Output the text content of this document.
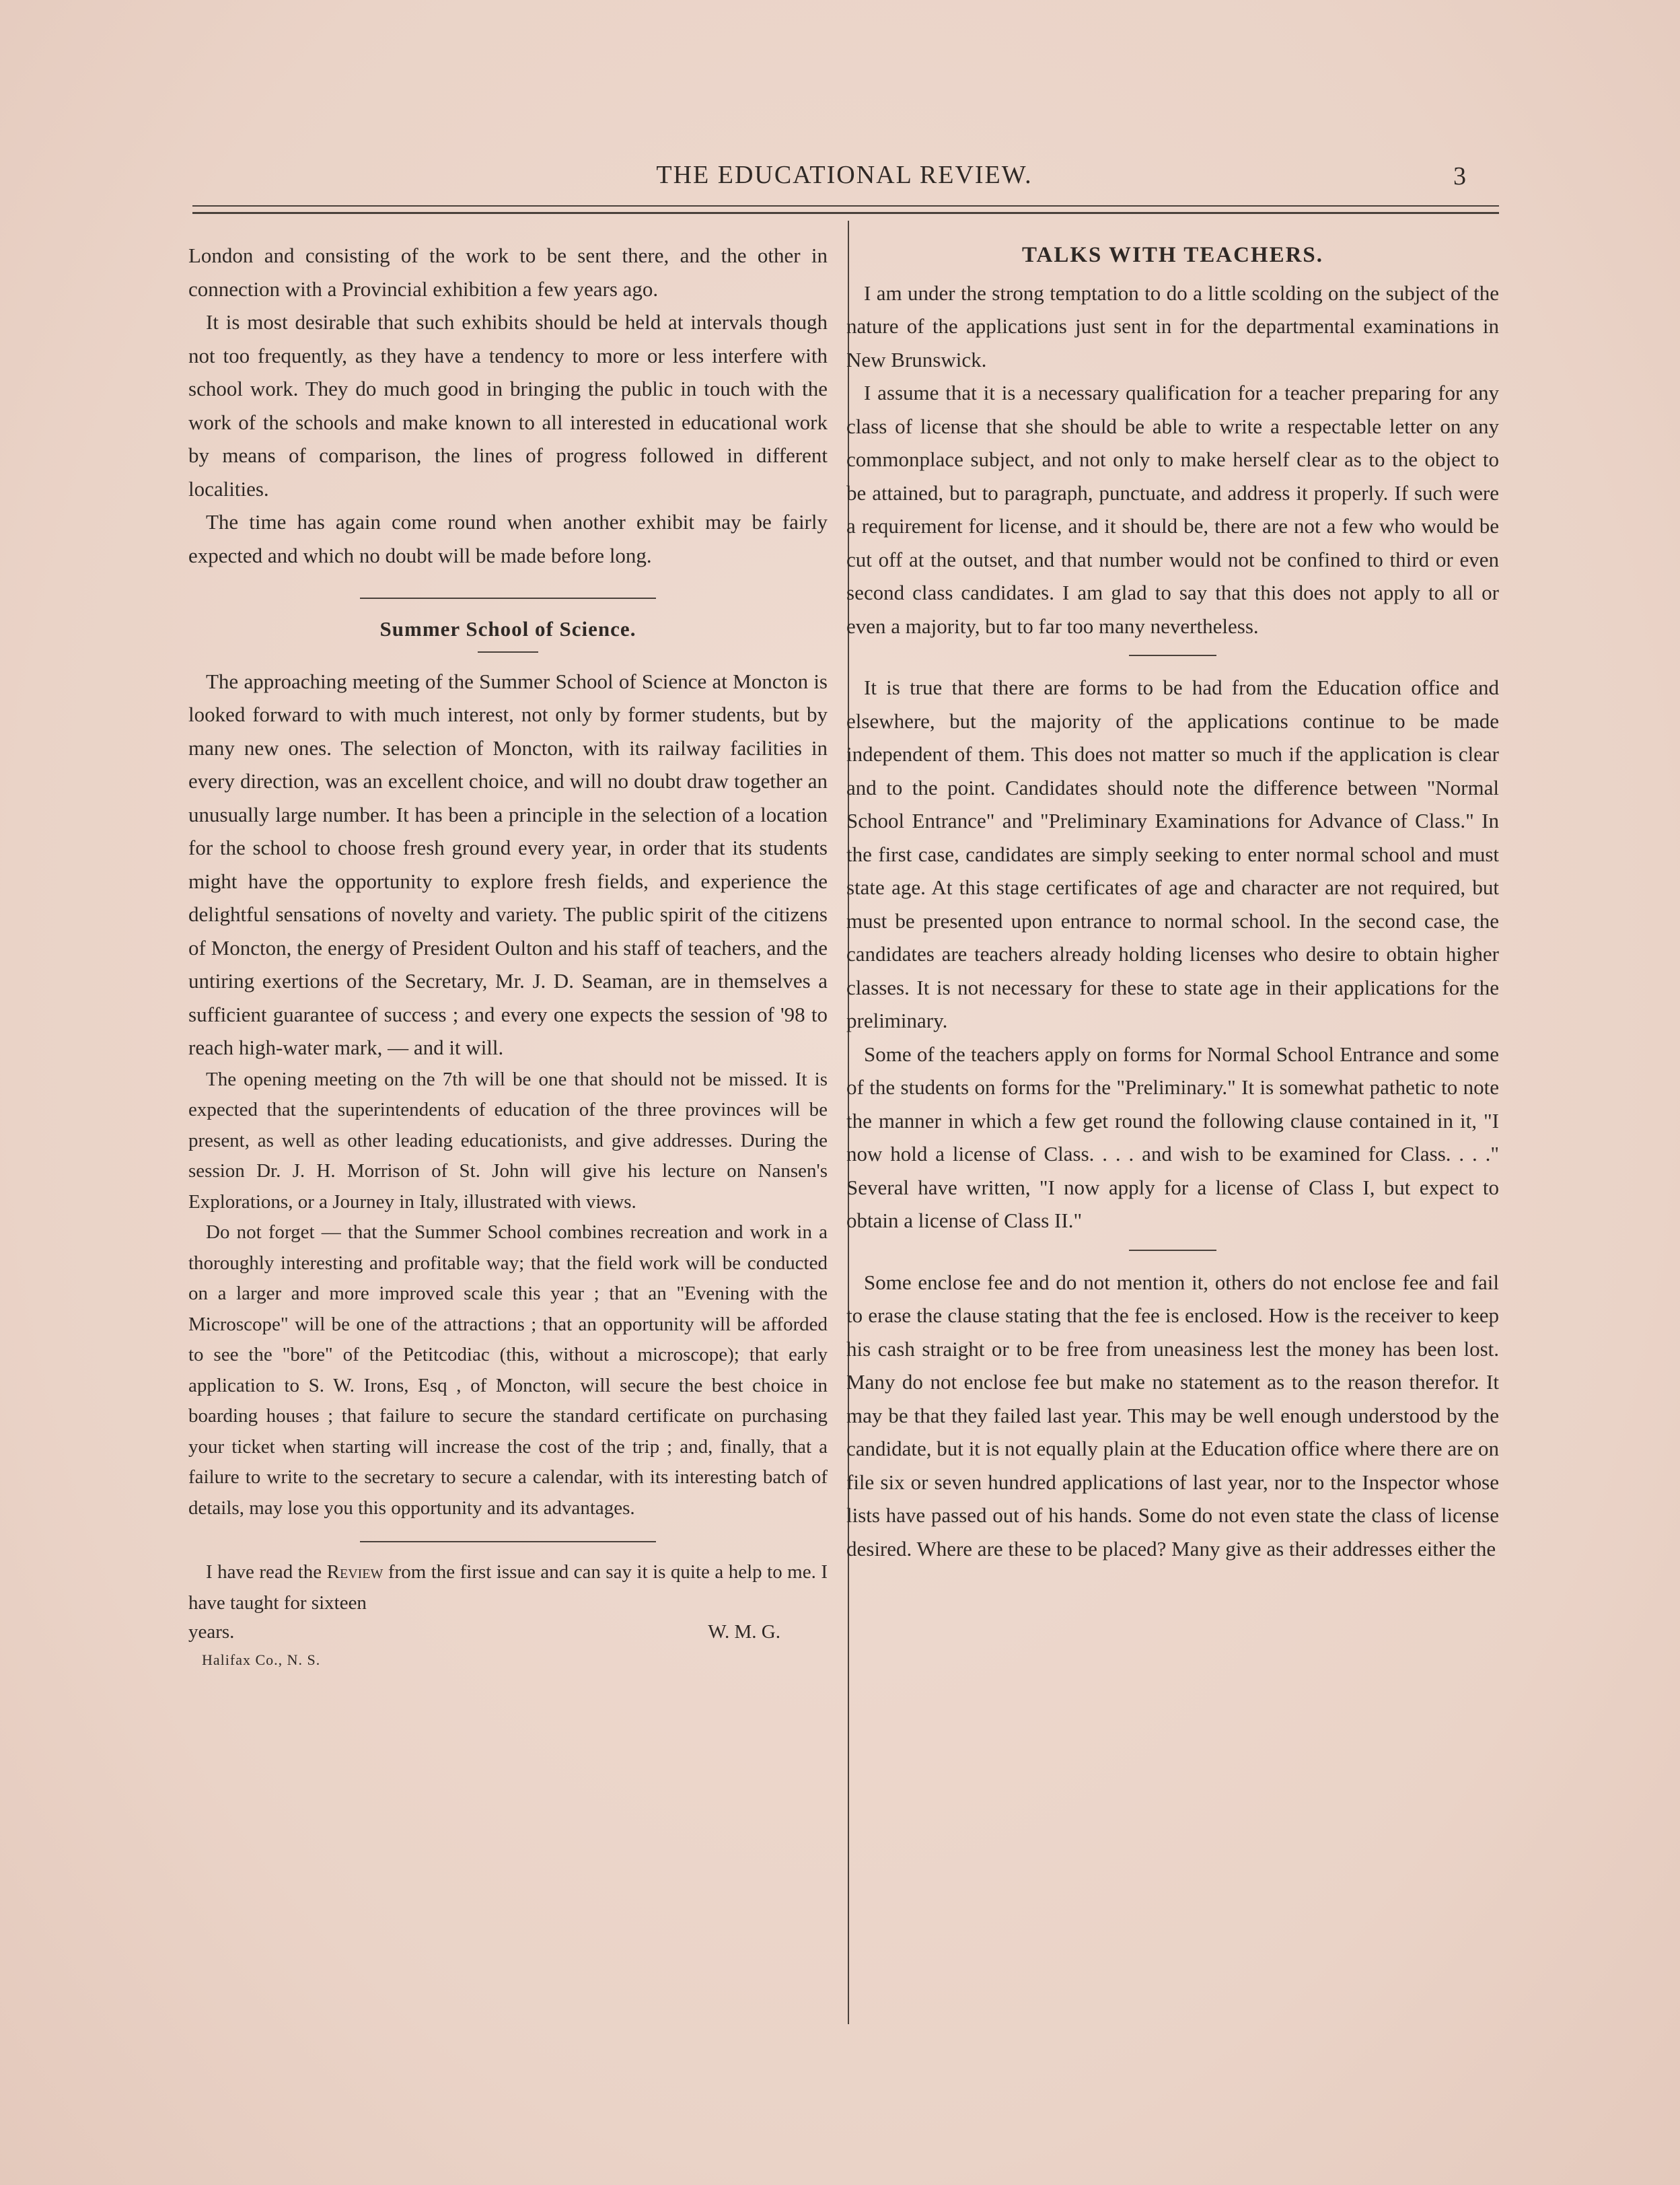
THE EDUCATIONAL REVIEW.	3

London and consisting of the work to be sent there, and the other in connection with a Provincial exhibition a few years ago.

It is most desirable that such exhibits should be held at intervals though not too frequently, as they have a tendency to more or less interfere with school work. They do much good in bringing the public in touch with the work of the schools and make known to all interested in educational work by means of comparison, the lines of progress followed in different localities.

The time has again come round when another exhibit may be fairly expected and which no doubt will be made before long.

Summer School of Science.

The approaching meeting of the Summer School of Science at Moncton is looked forward to with much interest, not only by former students, but by many new ones. The selection of Moncton, with its railway facilities in every direction, was an excellent choice, and will no doubt draw together an unusually large number. It has been a principle in the selection of a location for the school to choose fresh ground every year, in order that its students might have the opportunity to explore fresh fields, and experience the delightful sensations of novelty and variety. The public spirit of the citizens of Moncton, the energy of President Oulton and his staff of teachers, and the untiring exertions of the Secretary, Mr. J. D. Seaman, are in themselves a sufficient guarantee of success ; and every one expects the session of '98 to reach high-water mark, — and it will.

The opening meeting on the 7th will be one that should not be missed. It is expected that the superintendents of education of the three provinces will be present, as well as other leading educationists, and give addresses. During the session Dr. J. H. Morrison of St. John will give his lecture on Nansen's Explorations, or a Journey in Italy, illustrated with views.

Do not forget — that the Summer School combines recreation and work in a thoroughly interesting and profitable way; that the field work will be conducted on a larger and more improved scale this year ; that an "Evening with the Microscope" will be one of the attractions ; that an opportunity will be afforded to see the "bore" of the Petitcodiac (this, without a microscope); that early application to S. W. Irons, Esq , of Moncton, will secure the best choice in boarding houses ; that failure to secure the standard certificate on purchasing your ticket when starting will increase the cost of the trip ; and, finally, that a failure to write to the secretary to secure a calendar, with its interesting batch of details, may lose you this opportunity and its advantages.

I have read the Review from the first issue and can say it is quite a help to me. I have taught for sixteen

years.	W. M. G.
Halifax Co., N. S.
TALKS WITH TEACHERS.

I am under the strong temptation to do a little scolding on the subject of the nature of the applications just sent in for the departmental examinations in New Brunswick.

I assume that it is a necessary qualification for a teacher preparing for any class of license that she should be able to write a respectable letter on any commonplace subject, and not only to make herself clear as to the object to be attained, but to paragraph, punctuate, and address it properly. If such were a requirement for license, and it should be, there are not a few who would be cut off at the outset, and that number would not be confined to third or even second class candidates. I am glad to say that this does not apply to all or even a majority, but to far too many nevertheless.

It is true that there are forms to be had from the Education office and elsewhere, but the majority of the applications continue to be made independent of them. This does not matter so much if the application is clear and to the point. Candidates should note the difference between "Normal School Entrance" and "Preliminary Examinations for Advance of Class." In the first case, candidates are simply seeking to enter normal school and must state age. At this stage certificates of age and character are not required, but must be presented upon entrance to normal school. In the second case, the candidates are teachers already holding licenses who desire to obtain higher classes. It is not necessary for these to state age in their applications for the preliminary.

Some of the teachers apply on forms for Normal School Entrance and some of the students on forms for the "Preliminary." It is somewhat pathetic to note the manner in which a few get round the following clause contained in it, "I now hold a license of Class. . . . and wish to be examined for Class. . . ." Several have written, "I now apply for a license of Class I, but expect to obtain a license of Class II."

Some enclose fee and do not mention it, others do not enclose fee and fail to erase the clause stating that the fee is enclosed. How is the receiver to keep his cash straight or to be free from uneasiness lest the money has been lost. Many do not enclose fee but make no statement as to the reason therefor. It may be that they failed last year. This may be well enough understood by the candidate, but it is not equally plain at the Education office where there are on file six or seven hundred applications of last year, nor to the Inspector whose lists have passed out of his hands. Some do not even state the class of license desired. Where are these to be placed? Many give as their addresses either the
